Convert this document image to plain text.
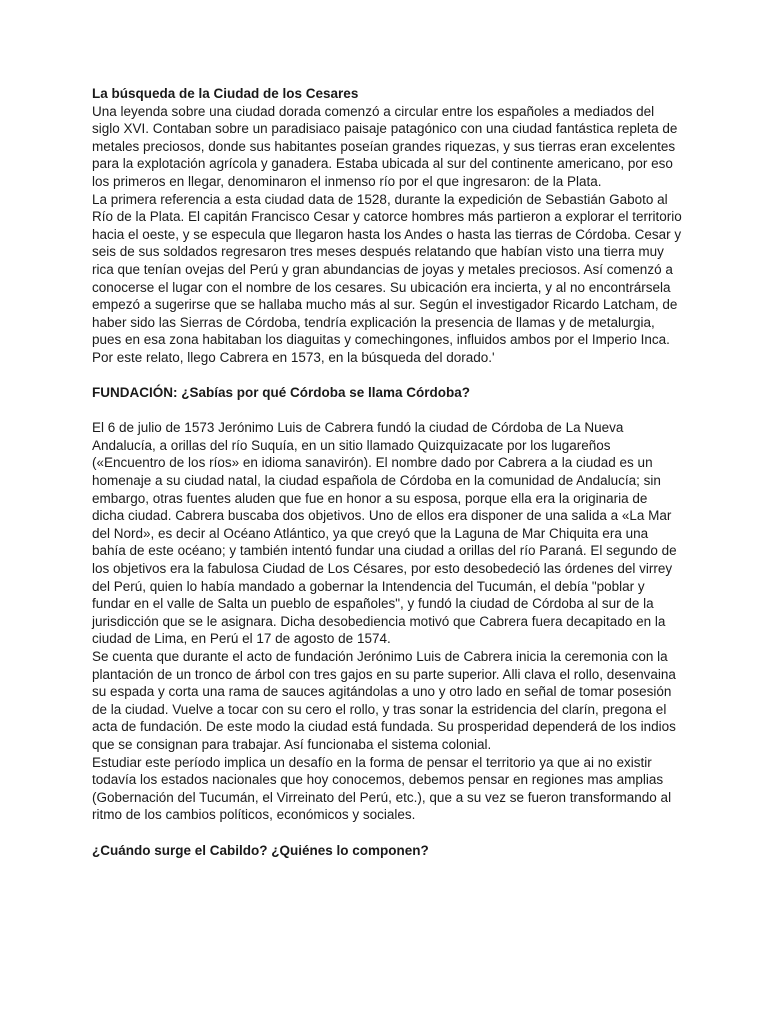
La búsqueda de la Ciudad de los Cesares

Una leyenda sobre una ciudad dorada comenzó a circular entre los españoles a mediados del siglo XVI. Contaban sobre un paradisiaco paisaje patagónico con una ciudad fantástica repleta de metales preciosos, donde sus habitantes poseían grandes riquezas, y sus tierras eran excelentes para la explotación agrícola y ganadera. Estaba ubicada al sur del continente americano, por eso los primeros en llegar, denominaron el inmenso río por el que ingresaron: de la Plata.

La primera referencia a esta ciudad data de 1528, durante la expedición de Sebastián Gaboto al Río de la Plata. El capitán Francisco Cesar y catorce hombres más partieron a explorar el territorio hacia el oeste, y se especula que llegaron hasta los Andes o hasta las tierras de Córdoba. Cesar y seis de sus soldados regresaron tres meses después relatando que habían visto una tierra muy rica que tenían ovejas del Perú y gran abundancias de joyas y metales preciosos. Así comenzó a conocerse el lugar con el nombre de los cesares. Su ubicación era incierta, y al no encontrársela empezó a sugerirse que se hallaba mucho más al sur. Según el investigador Ricardo Latcham, de haber sido las Sierras de Córdoba, tendría explicación la presencia de llamas y de metalurgia, pues en esa zona habitaban los diaguitas y comechingones, influidos ambos por el Imperio Inca. Por este relato, llego Cabrera en 1573, en la búsqueda del dorado.'

FUNDACIÓN: ¿Sabías por qué Córdoba se llama Córdoba?

El 6 de julio de 1573 Jerónimo Luis de Cabrera fundó la ciudad de Córdoba de La Nueva Andalucía, a orillas del río Suquía, en un sitio llamado Quizquizacate por los lugareños («Encuentro de los ríos» en idioma sanavirón). El nombre dado por Cabrera a la ciudad es un homenaje a su ciudad natal, la ciudad española de Córdoba en la comunidad de Andalucía; sin embargo, otras fuentes aluden que fue en honor a su esposa, porque ella era la originaria de dicha ciudad. Cabrera buscaba dos objetivos. Uno de ellos era disponer de una salida a «La Mar del Nord», es decir al Océano Atlántico, ya que creyó que la Laguna de Mar Chiquita era una bahía de este océano; y también intentó fundar una ciudad a orillas del río Paraná. El segundo de los objetivos era la fabulosa Ciudad de Los Césares, por esto desobedeció las órdenes del virrey del Perú, quien lo había mandado a gobernar la Intendencia del Tucumán, el debía "poblar y fundar en el valle de Salta un pueblo de españoles", y fundó la ciudad de Córdoba al sur de la jurisdicción que se le asignara. Dicha desobediencia motivó que Cabrera fuera decapitado en la ciudad de Lima, en Perú el 17 de agosto de 1574.

Se cuenta que durante el acto de fundación Jerónimo Luis de Cabrera inicia la ceremonia con la plantación de un tronco de árbol con tres gajos en su parte superior. Alli clava el rollo, desenvaina su espada y corta una rama de sauces agitándolas a uno y otro lado en señal de tomar posesión de la ciudad. Vuelve a tocar con su cero el rollo, y tras sonar la estridencia del clarín, pregona el acta de fundación. De este modo la ciudad está fundada. Su prosperidad dependerá de los indios que se consignan para trabajar. Así funcionaba el sistema colonial.

Estudiar este período implica un desafío en la forma de pensar el territorio ya que ai no existir todavía los estados nacionales que hoy conocemos, debemos pensar en regiones mas amplias (Gobernación del Tucumán, el Virreinato del Perú, etc.), que a su vez se fueron transformando al ritmo de los cambios políticos, económicos y sociales.

¿Cuándo surge el Cabildo? ¿Quiénes lo componen?
